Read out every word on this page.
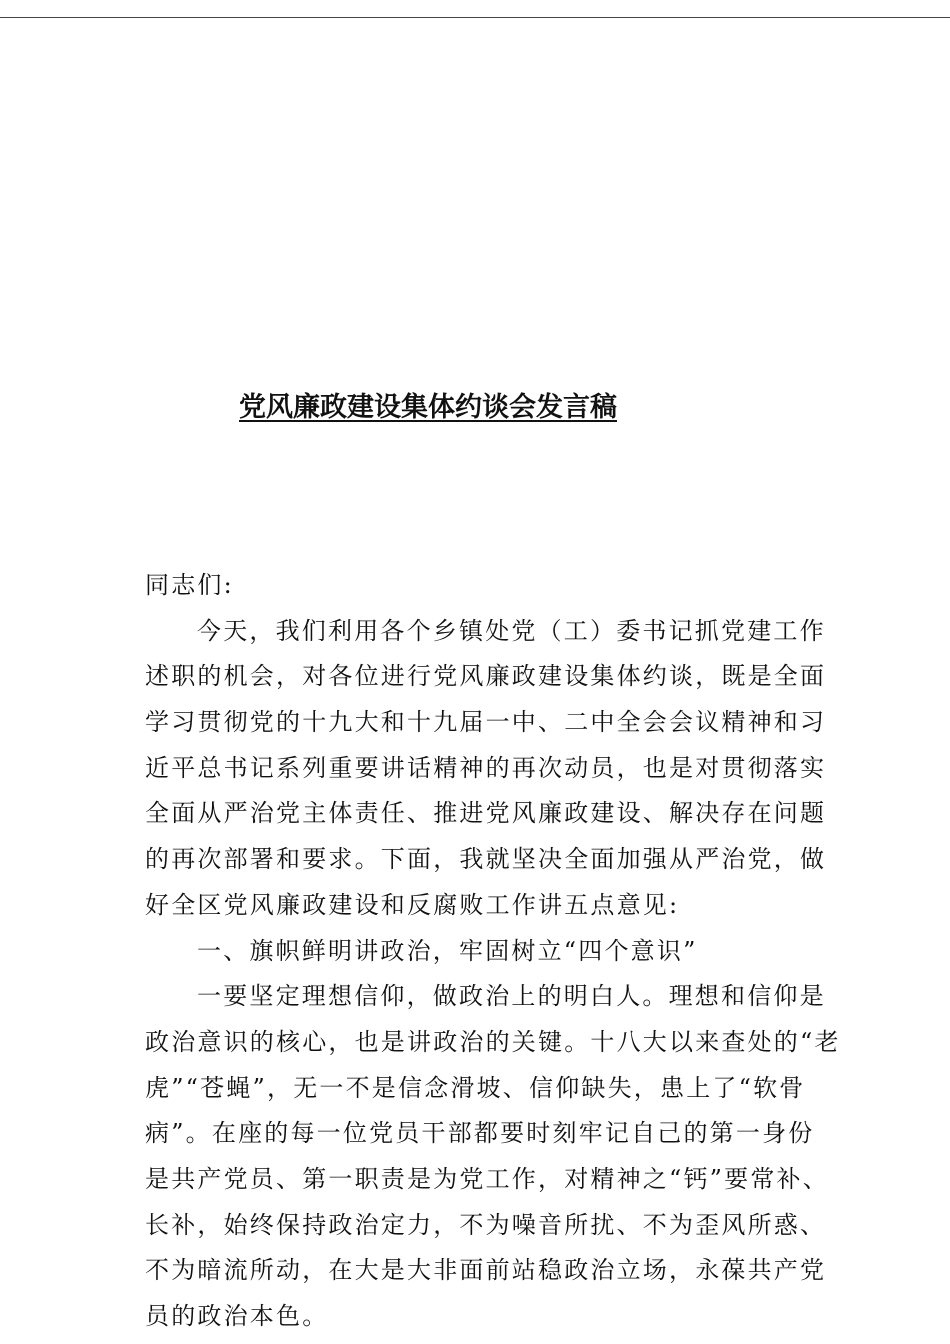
党风廉政建设集体约谈会发言稿
同志们:
今天，我们利用各个乡镇处党（工）委书记抓党建工作
述职的机会，对各位进行党风廉政建设集体约谈，既是全面
学习贯彻党的十九大和十九届一中、二中全会会议精神和习
近平总书记系列重要讲话精神的再次动员，也是对贯彻落实
全面从严治党主体责任、推进党风廉政建设、解决存在问题
的再次部署和要求。下面，我就坚决全面加强从严治党，做
好全区党风廉政建设和反腐败工作讲五点意见:
一、旗帜鲜明讲政治，牢固树立“四个意识”
一要坚定理想信仰，做政治上的明白人。理想和信仰是
政治意识的核心，也是讲政治的关键。十八大以来查处的“老
虎”“苍蝇”，无一不是信念滑坡、信仰缺失，患上了“软骨
病”。在座的每一位党员干部都要时刻牢记自己的第一身份
是共产党员、第一职责是为党工作，对精神之“钙”要常补、
长补，始终保持政治定力，不为噪音所扰、不为歪风所惑、
不为暗流所动，在大是大非面前站稳政治立场，永葆共产党
员的政治本色。
